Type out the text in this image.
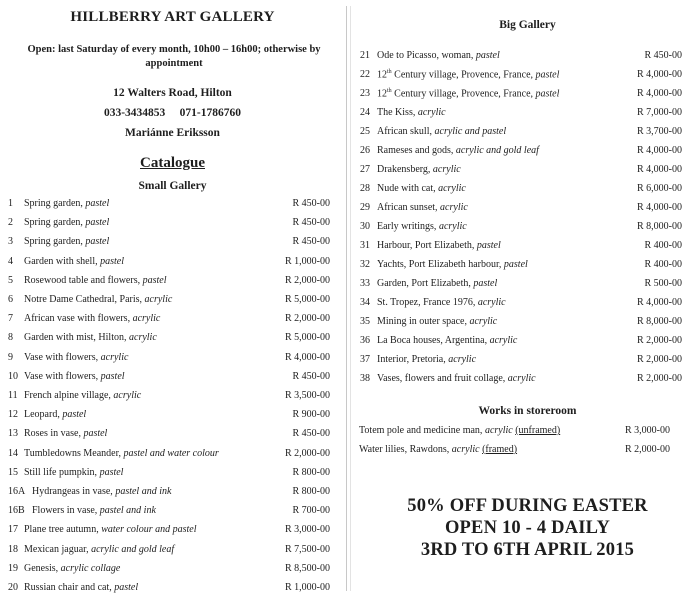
HILLBERRY ART GALLERY
Open: last Saturday of every month, 10h00 – 16h00; otherwise by appointment
12 Walters Road, Hilton
033-3434853     071-1786760
Mariánne Eriksson
Catalogue
Small Gallery
1 Spring garden, pastel	R 450-00
2 Spring garden, pastel	R 450-00
3 Spring garden, pastel	R 450-00
4 Garden with shell, pastel	R 1,000-00
5 Rosewood table and flowers, pastel	R 2,000-00
6 Notre Dame Cathedral, Paris, acrylic	R 5,000-00
7 African vase with flowers, acrylic	R 2,000-00
8 Garden with mist, Hilton, acrylic	R 5,000-00
9 Vase with flowers, acrylic	R 4,000-00
10 Vase with flowers, pastel	R 450-00
11 French alpine village, acrylic	R 3,500-00
12 Leopard, pastel	R 900-00
13 Roses in vase, pastel	R 450-00
14 Tumbledowns Meander, pastel and water colour	R 2,000-00
15 Still life pumpkin, pastel	R 800-00
16A Hydrangeas in vase, pastel and ink	R 800-00
16B Flowers in vase, pastel and ink	R 700-00
17 Plane tree autumn, water colour and pastel	R 3,000-00
18 Mexican jaguar, acrylic and gold leaf	R 7,500-00
19 Genesis, acrylic collage	R 8,500-00
20 Russian chair and cat, pastel	R 1,000-00
Big Gallery
21 Ode to Picasso, woman, pastel	R 450-00
22 12th Century village, Provence, France, pastel	R 4,000-00
23 12th Century village, Provence, France, pastel	R 4,000-00
24 The Kiss, acrylic	R 7,000-00
25 African skull, acrylic and pastel	R 3,700-00
26 Rameses and gods, acrylic and gold leaf	R 4,000-00
27 Drakensberg, acrylic	R 4,000-00
28 Nude with cat, acrylic	R 6,000-00
29 African sunset, acrylic	R 4,000-00
30 Early writings, acrylic	R 8,000-00
31 Harbour, Port Elizabeth, pastel	R 400-00
32 Yachts, Port Elizabeth harbour, pastel	R 400-00
33 Garden, Port Elizabeth, pastel	R 500-00
34 St. Tropez, France 1976, acrylic	R 4,000-00
35 Mining in outer space, acrylic	R 8,000-00
36 La Boca houses, Argentina, acrylic	R 2,000-00
37 Interior, Pretoria, acrylic	R 2,000-00
38 Vases, flowers and fruit collage, acrylic	R 2,000-00
Works in storeroom
Totem pole and medicine man, acrylic (unframed)	R 3,000-00
Water lilies, Rawdons, acrylic (framed)	R 2,000-00
50% OFF DURING EASTER
OPEN 10 - 4 DAILY
3RD TO 6TH APRIL 2015
